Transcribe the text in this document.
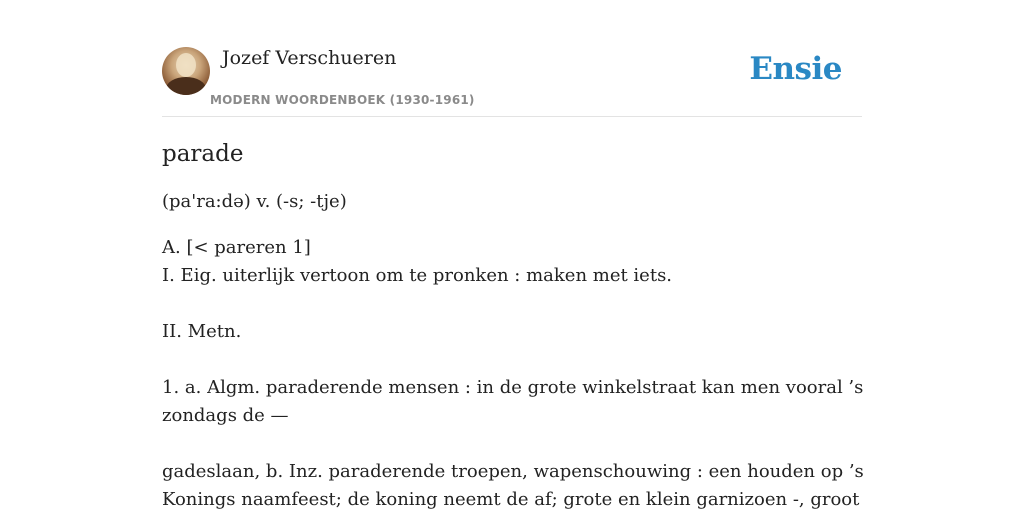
Jozef Verschueren
MODERN WOORDENBOEK (1930-1961)
Ensie
parade

(pa'ra:də) v. (-s; -tje)

A. [< pareren 1]
I. Eig. uiterlijk vertoon om te pronken : maken met iets.
II. Metn.
1. a. Algm. paraderende mensen : in de grote winkelstraat kan men vooral ’s
zondags de —
gadeslaan, b. Inz. paraderende troepen, wapenschouwing : een houden op ’s
Konings naamfeest; de koning neemt de af; grote en klein garnizoen -, groot
